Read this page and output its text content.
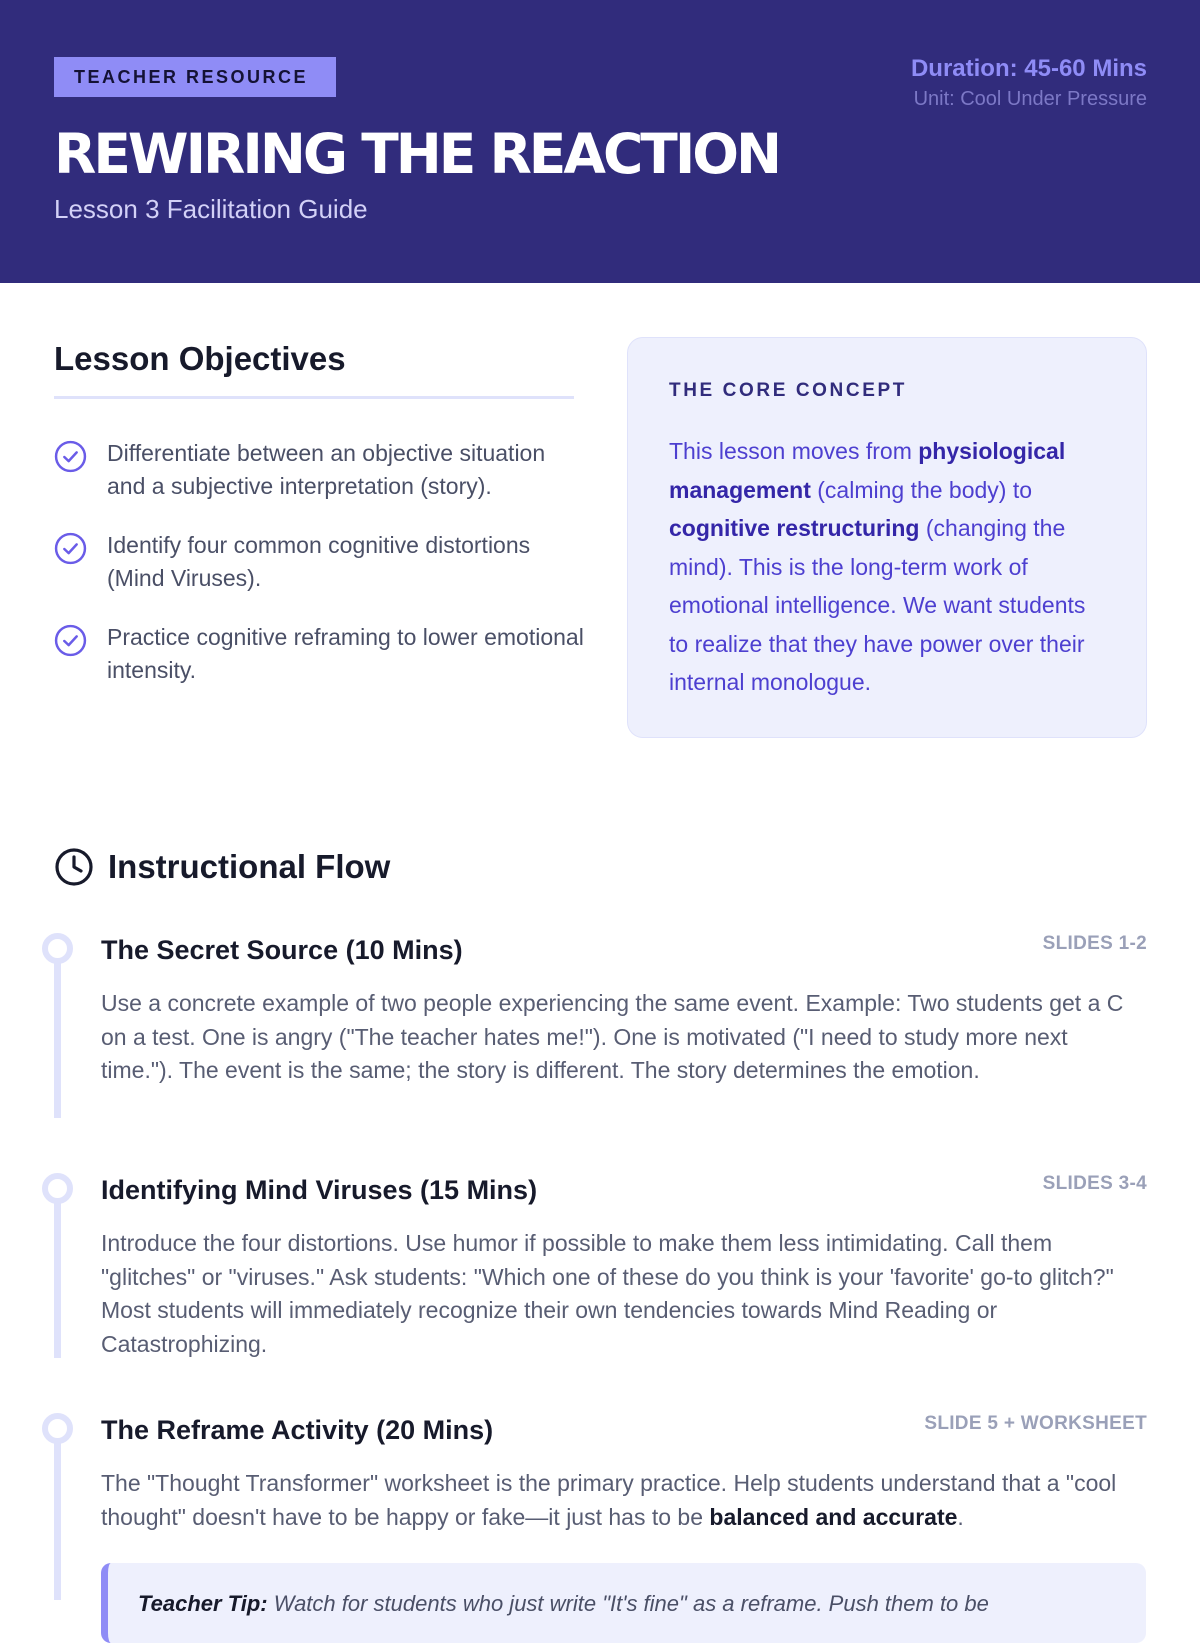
TEACHER RESOURCE
REWIRING THE REACTION
Lesson 3 Facilitation Guide
Duration: 45-60 Mins
Unit: Cool Under Pressure
Lesson Objectives
Differentiate between an objective situation and a subjective interpretation (story).
Identify four common cognitive distortions (Mind Viruses).
Practice cognitive reframing to lower emotional intensity.
THE CORE CONCEPT

This lesson moves from physiological management (calming the body) to cognitive restructuring (changing the mind). This is the long-term work of emotional intelligence. We want students to realize that they have power over their internal monologue.

Instructional Flow
The Secret Source (10 Mins)	SLIDES 1-2
Use a concrete example of two people experiencing the same event. Example: Two students get a C on a test. One is angry ("The teacher hates me!"). One is motivated ("I need to study more next time."). The event is the same; the story is different. The story determines the emotion.
Identifying Mind Viruses (15 Mins)	SLIDES 3-4
Introduce the four distortions. Use humor if possible to make them less intimidating. Call them "glitches" or "viruses." Ask students: "Which one of these do you think is your 'favorite' go-to glitch?" Most students will immediately recognize their own tendencies towards Mind Reading or Catastrophizing.
The Reframe Activity (20 Mins)	SLIDE 5 + WORKSHEET
The "Thought Transformer" worksheet is the primary practice. Help students understand that a "cool thought" doesn't have to be happy or fake—it just has to be balanced and accurate.
Teacher Tip: Watch for students who just write "It's fine" as a reframe. Push them to be
